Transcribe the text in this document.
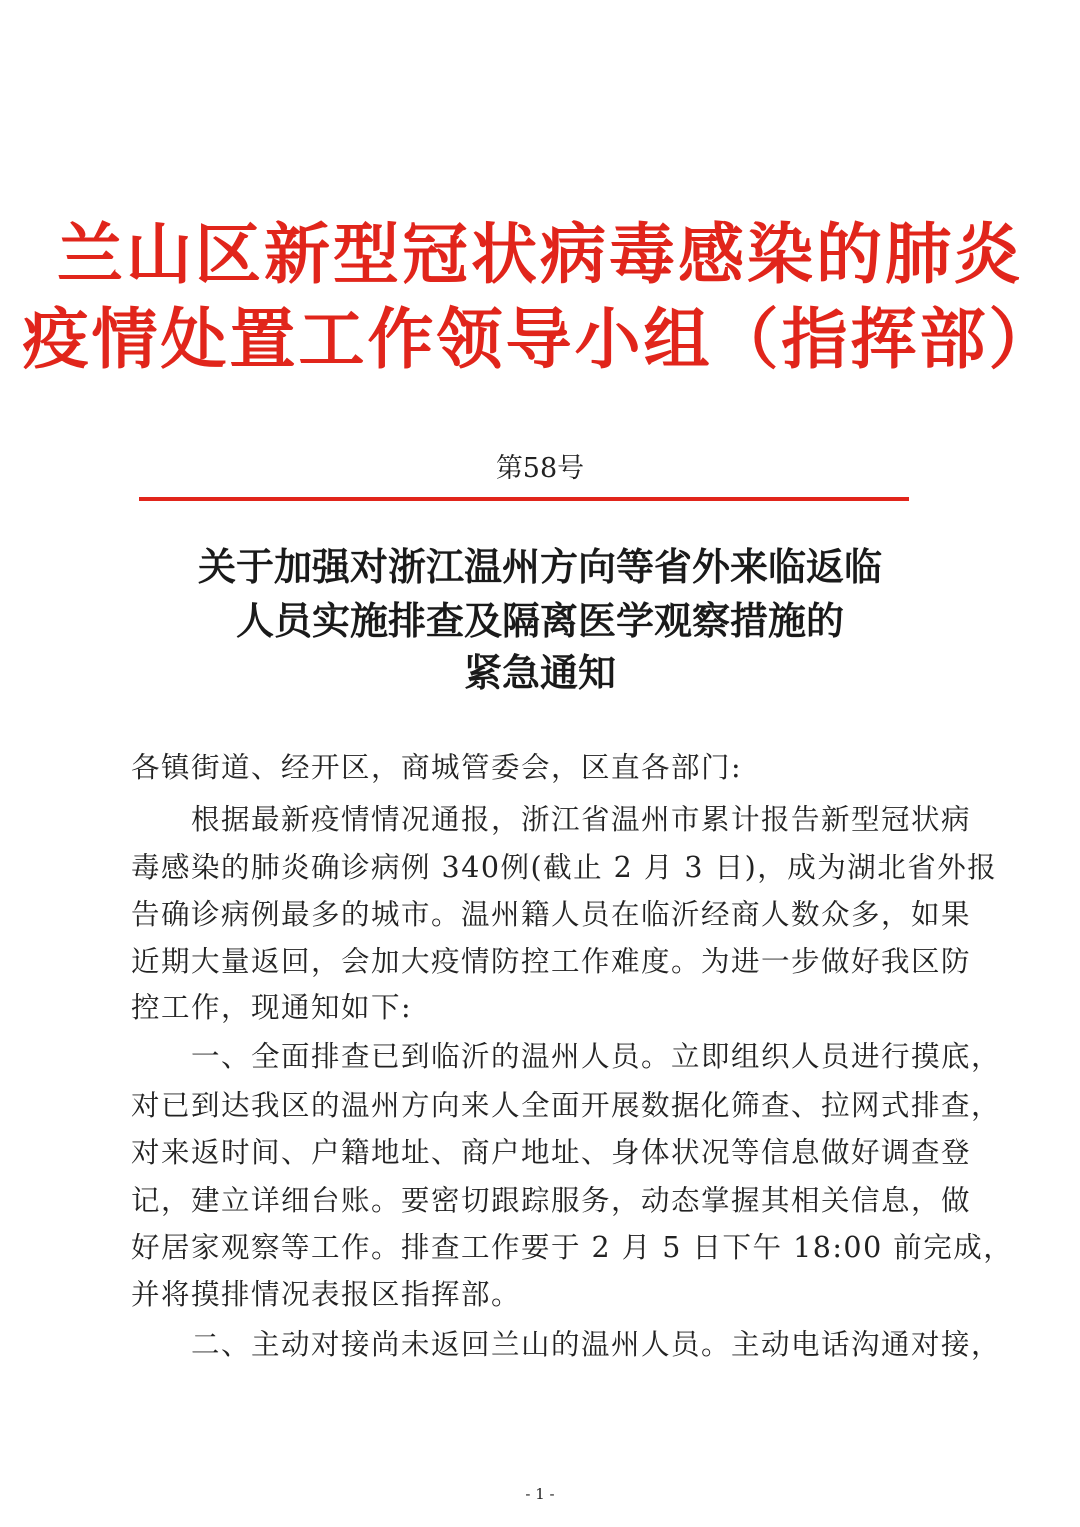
兰山区新型冠状病毒感染的肺炎
疫情处置工作领导小组（指挥部）
第58号
关于加强对浙江温州方向等省外来临返临
人员实施排查及隔离医学观察措施的
紧急通知
各镇街道、经开区，商城管委会，区直各部门:
　　根据最新疫情情况通报，浙江省温州市累计报告新型冠状病
毒感染的肺炎确诊病例 340例(截止 2 月 3 日)，成为湖北省外报
告确诊病例最多的城市。温州籍人员在临沂经商人数众多，如果
近期大量返回，会加大疫情防控工作难度。为进一步做好我区防
控工作，现通知如下:
　　一、全面排查已到临沂的温州人员。立即组织人员进行摸底，
对已到达我区的温州方向来人全面开展数据化筛查、拉网式排查，
对来返时间、户籍地址、商户地址、身体状况等信息做好调查登
记，建立详细台账。要密切跟踪服务，动态掌握其相关信息，做
好居家观察等工作。排查工作要于 2 月 5 日下午 18:00 前完成，
并将摸排情况表报区指挥部。
　　二、主动对接尚未返回兰山的温州人员。主动电话沟通对接，
- 1 -
